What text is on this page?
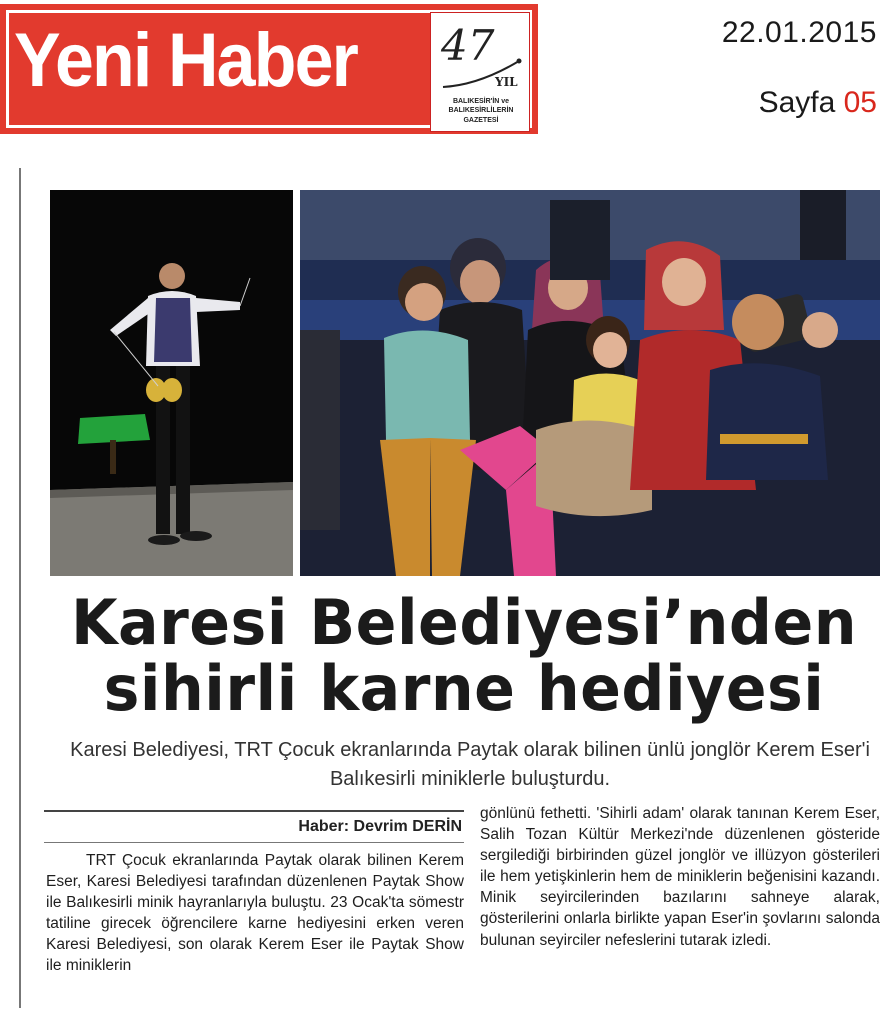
Yeni Haber 47
YIL
BALIKESİR'İN ve BALIKESİRLİLERİN GAZETESİ
22.01.2015
Sayfa 05
Karesi Belediyesi’nden sihirli karne hediyesi
Karesi Belediyesi, TRT Çocuk ekranlarında Paytak olarak bilinen ünlü jonglör Kerem Eser'i Balıkesirli miniklerle buluşturdu.
Haber: Devrim DERİN

TRT Çocuk ekranlarında Paytak olarak bilinen Kerem Eser, Karesi Belediyesi tarafından düzenlenen Paytak Show ile Balıkesirli minik hayranlarıyla buluştu. 23 Ocak'ta sömestr tatiline girecek öğrencilere karne hediyesini erken veren Karesi Belediyesi, son olarak Kerem Eser ile Paytak Show ile miniklerin

gönlünü fethetti. 'Sihirli adam' olarak tanınan Kerem Eser, Salih Tozan Kültür Merkezi'nde düzenlenen gösteride sergilediği birbirinden güzel jonglör ve illüzyon gösterileri ile hem yetişkinlerin hem de miniklerin beğenisini kazandı. Minik seyircilerinden bazılarını sahneye alarak, gösterilerini onlarla birlikte yapan Eser'in şovlarını salonda bulunan seyirciler nefeslerini tutarak izledi.
